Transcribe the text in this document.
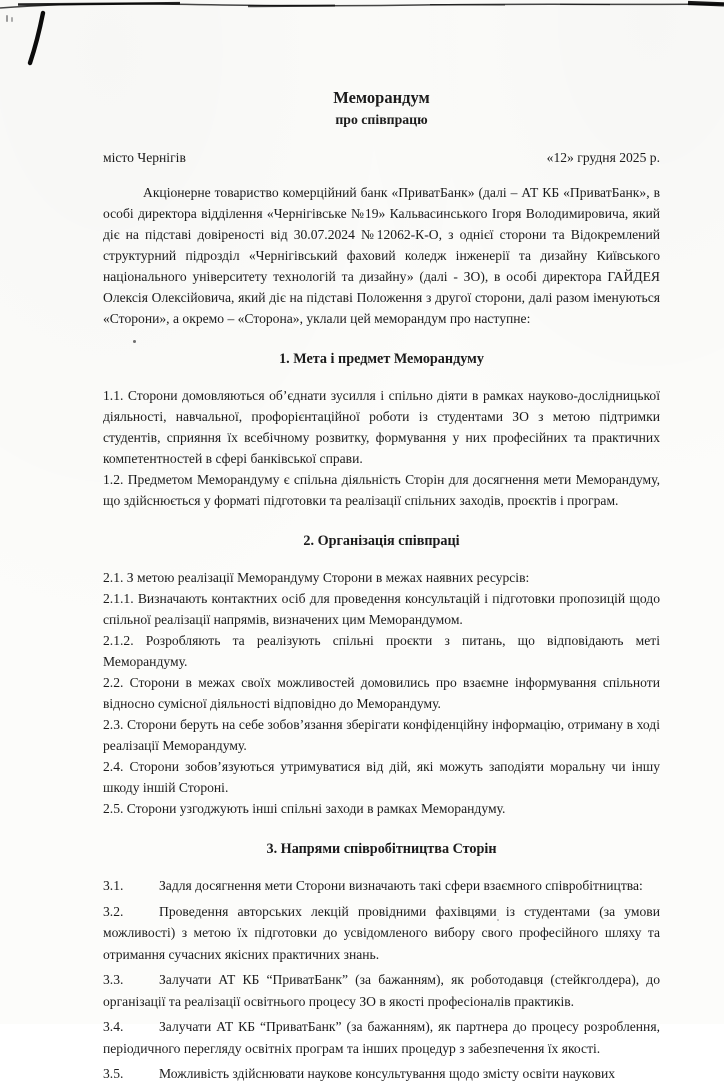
Меморандум
про співпрацю
місто Чернігів	«12» грудня 2025 р.

Акціонерне товариство комерційний банк «ПриватБанк» (далі – АТ КБ «ПриватБанк», в особі директора відділення «Чернігівське №19» Кальвасинського Ігоря Володимировича, який діє на підставі довіреності від 30.07.2024 №12062-К-О, з однієї сторони та Відокремлений структурний підрозділ «Чернігівський фаховий коледж інженерії та дизайну Київського національного університету технологій та дизайну» (далі - ЗО), в особі директора ГАЙДЕЯ Олексія Олексійовича, який діє на підставі Положення з другої сторони, далі разом іменуються «Сторони», а окремо – «Сторона», уклали цей меморандум про наступне:

1. Мета і предмет Меморандуму

1.1. Сторони домовляються об’єднати зусилля і спільно діяти в рамках науково-дослідницької діяльності, навчальної, профорієнтаційної роботи із студентами ЗО з метою підтримки студентів, сприяння їх всебічному розвитку, формування у них професійних та практичних компетентностей в сфері банківської справи.

1.2. Предметом Меморандуму є спільна діяльність Сторін для досягнення мети Меморандуму, що здійснюється у форматі підготовки та реалізації спільних заходів, проєктів і програм.

2. Організація співпраці

2.1. З метою реалізації Меморандуму Сторони в межах наявних ресурсів:

2.1.1. Визначають контактних осіб для проведення консультацій і підготовки пропозицій щодо спільної реалізації напрямів, визначених цим Меморандумом.

2.1.2. Розробляють та реалізують спільні проєкти з питань, що відповідають меті Меморандуму.

2.2. Сторони в межах своїх можливостей домовились про взаємне інформування спільноти відносно сумісної діяльності відповідно до Меморандуму.

2.3. Сторони беруть на себе зобов’язання зберігати конфіденційну інформацію, отриману в ході реалізації Меморандуму.

2.4. Сторони зобов’язуються утримуватися від дій, які можуть заподіяти моральну чи іншу шкоду іншій Стороні.

2.5. Сторони узгоджують інші спільні заходи в рамках Меморандуму.

3. Напрями співробітництва Сторін

3.1.	Задля досягнення мети Сторони визначають такі сфери взаємного співробітництва:

3.2.	Проведення авторських лекцій провідними фахівцями із студентами (за умови можливості) з метою їх підготовки до усвідомленого вибору свого професійного шляху та отримання сучасних якісних практичних знань.

3.3.	Залучати АТ КБ “ПриватБанк” (за бажанням), як роботодавця (стейкголдера), до організації та реалізації освітнього процесу ЗО в якості професіоналів практиків.

3.4.	Залучати АТ КБ “ПриватБанк” (за бажанням), як партнера до процесу розроблення, періодичного перегляду освітніх програм та інших процедур з забезпечення їх якості.

3.5.	Можливість здійснювати наукове консультування щодо змісту освіти наукових
